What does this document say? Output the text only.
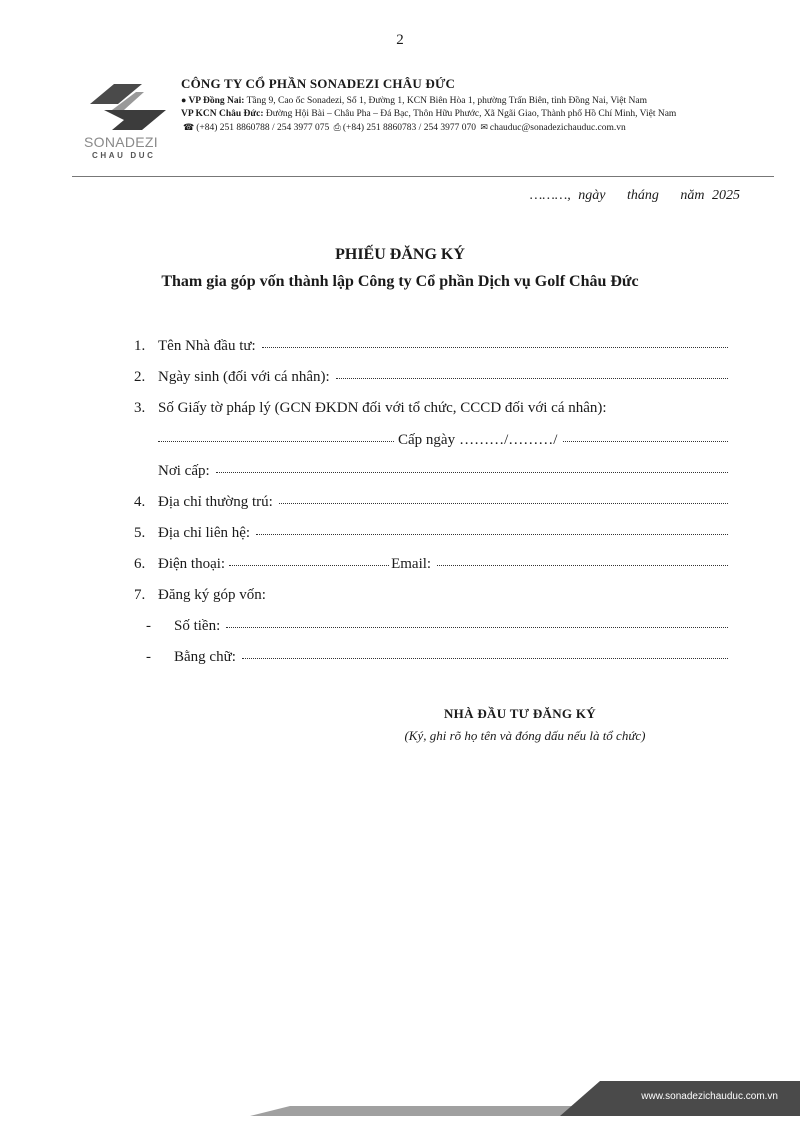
2
SONADEZI
CHAU DUC
CÔNG TY CỔ PHẦN SONADEZI CHÂU ĐỨC
● VP Đồng Nai: Tầng 9, Cao ốc Sonadezi, Số 1, Đường 1, KCN Biên Hòa 1, phường Trấn Biên, tỉnh Đồng Nai, Việt Nam
VP KCN Châu Đức: Đường Hội Bài – Châu Pha – Đá Bạc, Thôn Hữu Phước, Xã Ngãi Giao, Thành phố Hồ Chí Minh, Việt Nam
☎ (+84) 251 8860788 / 254 3977 075 ⎙ (+84) 251 8860783 / 254 3977 070 ✉ chauduc@sonadezichauduc.com.vn
………, ngày tháng năm 2025
PHIẾU ĐĂNG KÝ
Tham gia góp vốn thành lập Công ty Cổ phần Dịch vụ Golf Châu Đức
1. Tên Nhà đầu tư:
2. Ngày sinh (đối với cá nhân):
3. Số Giấy tờ pháp lý (GCN ĐKDN đối với tổ chức, CCCD đối với cá nhân):
Cấp ngày ………/………/
Nơi cấp:
4. Địa chỉ thường trú:
5. Địa chỉ liên hệ:
6. Điện thoại:	Email:
7. Đăng ký góp vốn:
-	Số tiền:
-	Bằng chữ:
NHÀ ĐẦU TƯ ĐĂNG KÝ
(Ký, ghi rõ họ tên và đóng dấu nếu là tổ chức)
www.sonadezichauduc.com.vn
